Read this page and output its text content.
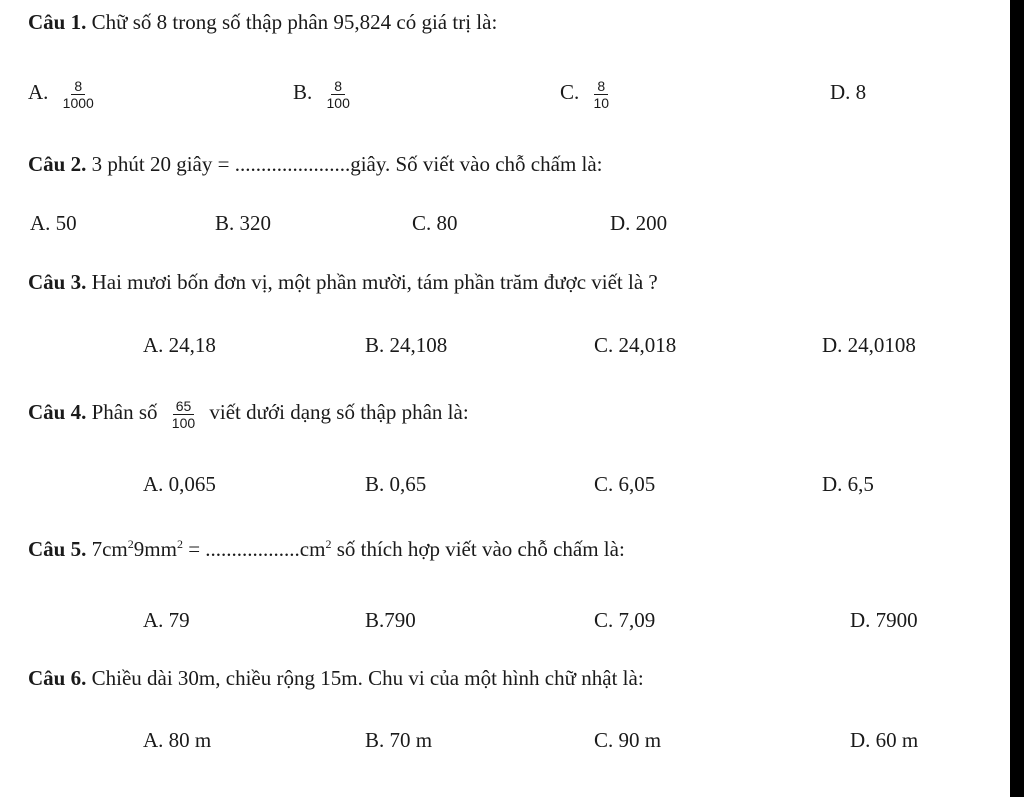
Câu 1. Chữ số 8 trong số thập phân 95,824 có giá trị là:
A. $\frac{8}{1000}$	B. $\frac{8}{100}$	C. $\frac{8}{10}$	D. 8
Câu 2. 3 phút 20 giây = ......................giây. Số viết vào chỗ chấm là:
A. 50	B. 320	C. 80	D. 200
Câu 3. Hai mươi bốn đơn vị, một phần mười, tám phần trăm được viết là ?
A. 24,18	B. 24,108	C. 24,018	D. 24,0108
Câu 4. Phân số $\frac{65}{100}$ viết dưới dạng số thập phân là:
A. 0,065	B. 0,65	C. 6,05	D. 6,5
Câu 5. $7cm^29mm^2 = ..................cm^2$ số thích hợp viết vào chỗ chấm là:
A. 79	B.790	C. 7,09	D. 7900
Câu 6. Chiều dài 30m, chiều rộng 15m. Chu vi của một hình chữ nhật là:
A. 80 m	B. 70 m	C. 90 m	D. 60 m
